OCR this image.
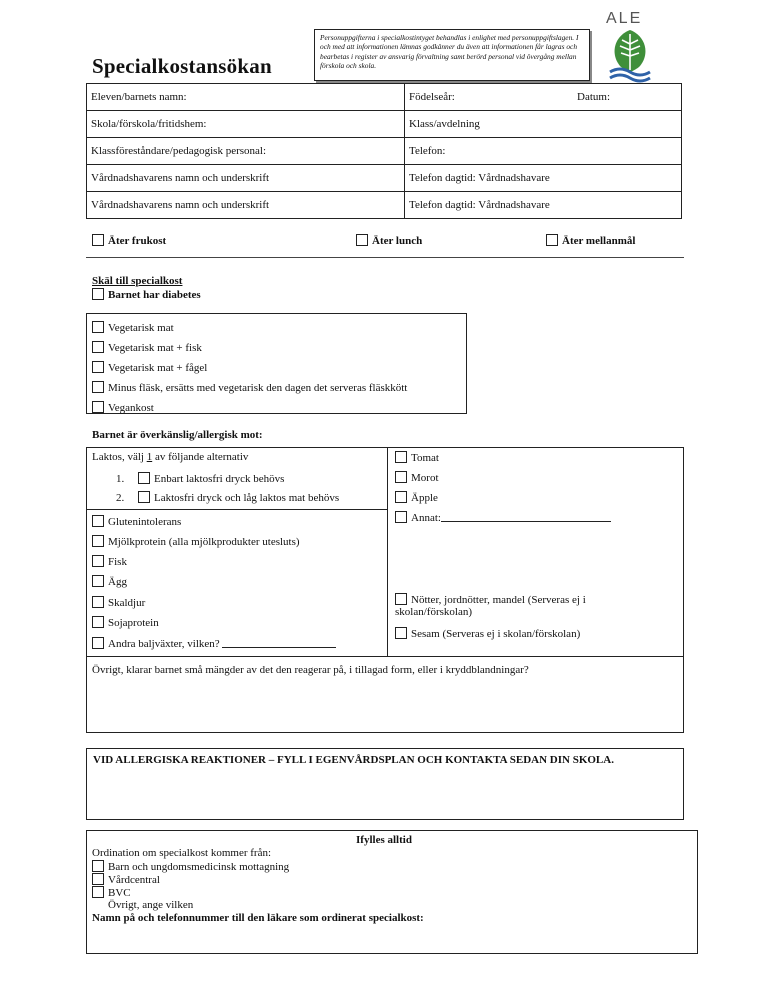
Specialkostansökan
Personuppgifterna i specialkostintyget behandlas i enlighet med personuppgiftslagen. I och med att informationen lämnas godkänner du även att informationen får lagras och bearbetas i register av ansvarig förvaltning samt berörd personal vid övergång mellan förskola och skola.
ALE
Eleven/barnets namn:	Födelseår: Datum:

Skola/förskola/fritidshem:	Klass/avdelning
Klassföreståndare/pedagogisk personal:	Telefon:
Vårdnadshavarens namn och underskrift	Telefon dagtid: Vårdnadshavare
Vårdnadshavarens namn och underskrift	Telefon dagtid: Vårdnadshavare
Äter frukost	Äter lunch	Äter mellanmål
Skäl till specialkost
Barnet har diabetes
Vegetarisk mat
Vegetarisk mat + fisk
Vegetarisk mat + fågel
Minus fläsk, ersätts med vegetarisk den dagen det serveras fläskkött
Vegankost
Barnet är överkänslig/allergisk mot:
Laktos, välj 1 av följande alternativ
1.	Enbart laktosfri dryck behövs
2.	Laktosfri dryck och låg laktos mat behövs
Glutenintolerans
Mjölkprotein (alla mjölkprodukter utesluts)
Fisk
Ägg
Skaldjur
Sojaprotein
Andra baljväxter, vilken?
Tomat
Morot
Äpple
Annat:
Nötter, jordnötter, mandel (Serveras ej i
skolan/förskolan)
Sesam (Serveras ej i skolan/förskolan)
Övrigt, klarar barnet små mängder av det den reagerar på, i tillagad form, eller i kryddblandningar?
VID ALLERGISKA REAKTIONER – FYLL I EGENVÅRDSPLAN OCH KONTAKTA SEDAN DIN SKOLA.
Ifylles alltid
Ordination om specialkost kommer från:
Barn och ungdomsmedicinsk mottagning
Vårdcentral
BVC
Övrigt, ange vilken
Namn på och telefonnummer till den läkare som ordinerat specialkost:
